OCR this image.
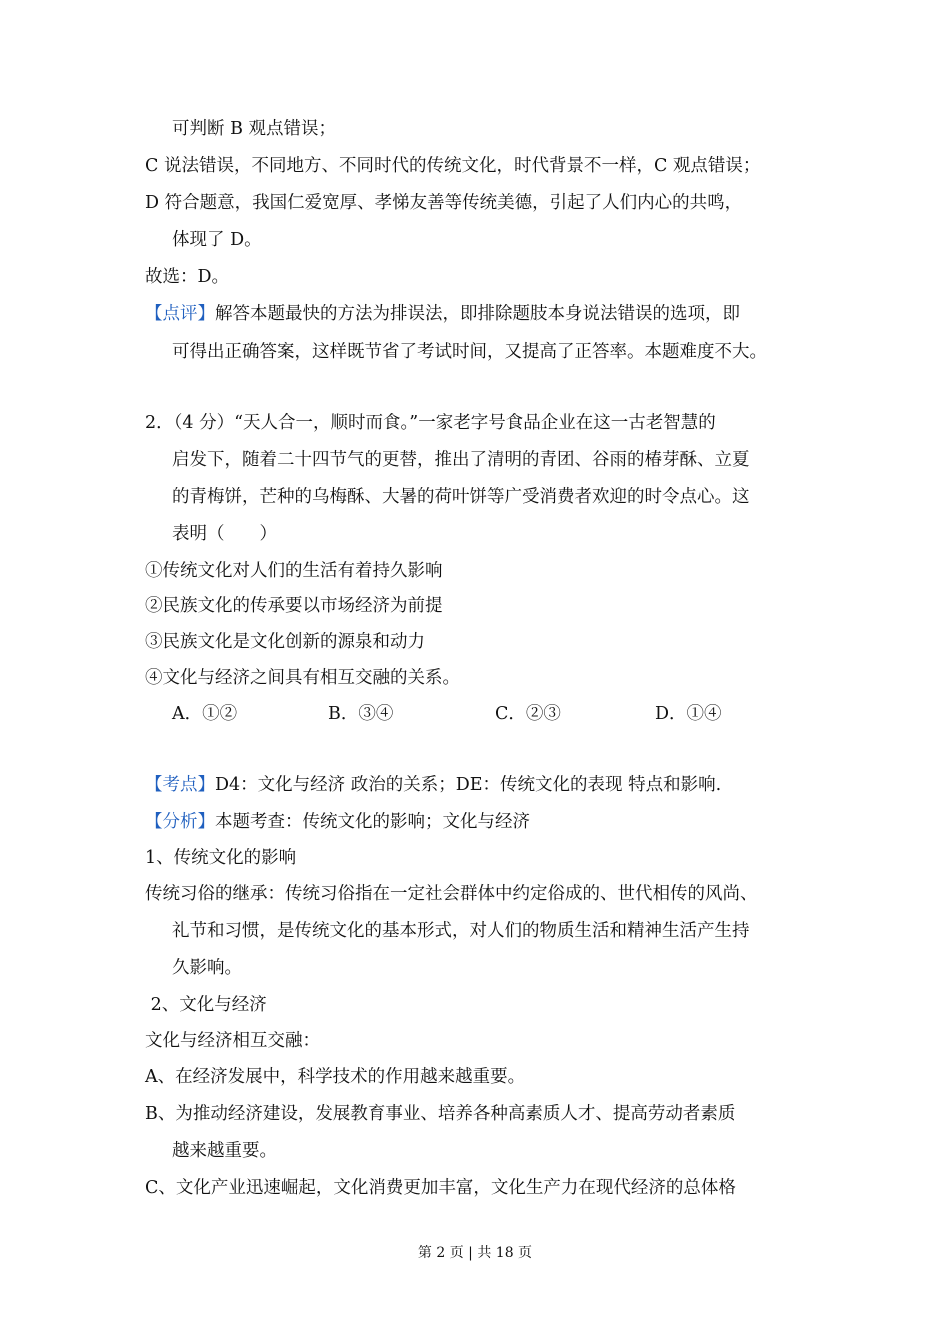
可判断 B 观点错误；
C 说法错误，不同地方、不同时代的传统文化，时代背景不一样，C 观点错误；
D 符合题意，我国仁爱宽厚、孝悌友善等传统美德，引起了人们内心的共鸣，
体现了 D。
故选：D。
【点评】解答本题最快的方法为排误法，即排除题肢本身说法错误的选项，即
可得出正确答案，这样既节省了考试时间，又提高了正答率。本题难度不大。
2．（4 分）“天人合一，顺时而食。”一家老字号食品企业在这一古老智慧的
启发下，随着二十四节气的更替，推出了清明的青团、谷雨的椿芽酥、立夏
的青梅饼，芒种的乌梅酥、大暑的荷叶饼等广受消费者欢迎的时令点心。这
表明（　　）
①传统文化对人们的生活有着持久影响
②民族文化的传承要以市场经济为前提
③民族文化是文化创新的源泉和动力
④文化与经济之间具有相互交融的关系。
A．①②	B．③④	C．②③	D．①④
【考点】D4：文化与经济 政治的关系；DE：传统文化的表现 特点和影响.
【分析】本题考查：传统文化的影响；文化与经济
1、传统文化的影响
传统习俗的继承：传统习俗指在一定社会群体中约定俗成的、世代相传的风尚、
礼节和习惯，是传统文化的基本形式，对人们的物质生活和精神生活产生持
久影响。
2、文化与经济
文化与经济相互交融：
A、在经济发展中，科学技术的作用越来越重要。
B、为推动经济建设，发展教育事业、培养各种高素质人才、提高劳动者素质
越来越重要。
C、文化产业迅速崛起，文化消费更加丰富，文化生产力在现代经济的总体格
第 2 页 | 共 18 页
